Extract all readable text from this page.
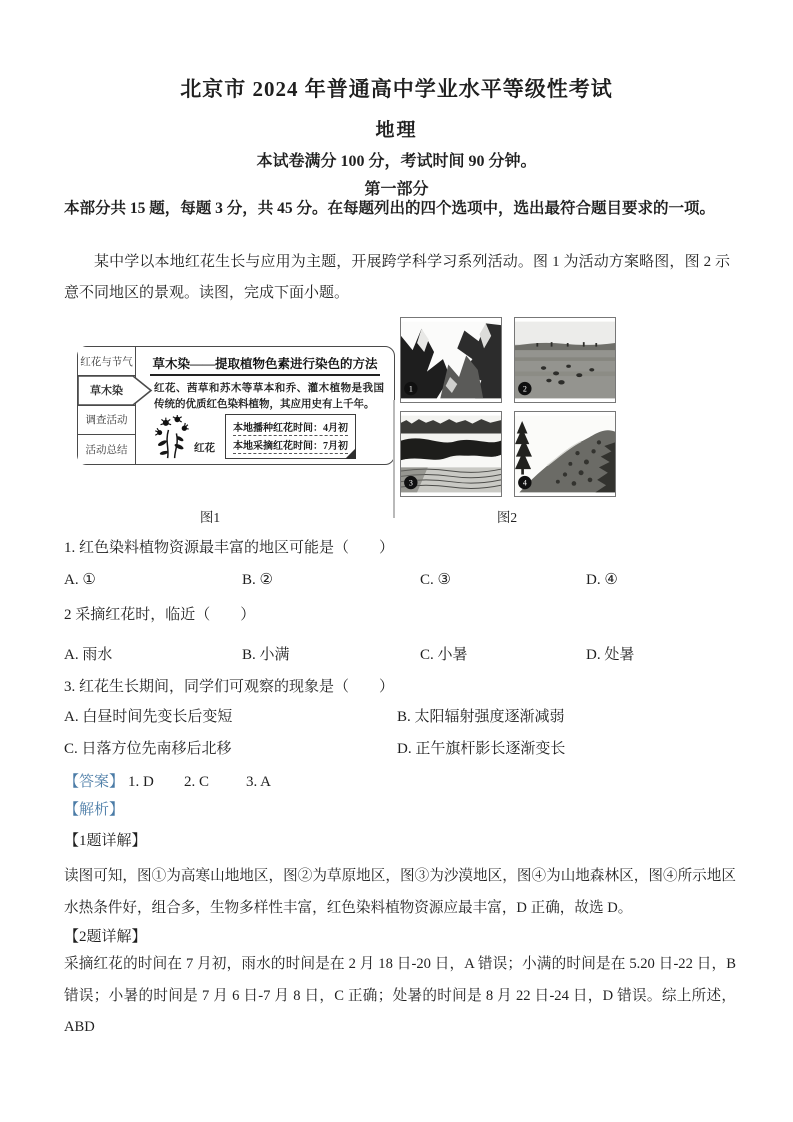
北京市 2024 年普通高中学业水平等级性考试
地理
本试卷满分 100 分，考试时间 90 分钟。
第一部分
本部分共 15 题，每题 3 分，共 45 分。在每题列出的四个选项中，选出最符合题目要求的一项。
某中学以本地红花生长与应用为主题，开展跨学科学习系列活动。图 1 为活动方案略图，图 2 示意不同地区的景观。读图，完成下面小题。
红花与节气
草木染
调查活动
活动总结
草木染——提取植物色素进行染色的方法
红花、茜草和苏木等草本和乔、灌木植物是我国传统的优质红色染料植物，其应用史有上千年。
红花
本地播种红花时间：4月初
本地采摘红花时间：7月初
1	2
3	4
图1	图2
1. 红色染料植物资源最丰富的地区可能是（　　）
A. ①	B. ②	C. ③	D. ④
2 采摘红花时，临近（　　）
A. 雨水	B. 小满	C. 小暑	D. 处暑
3. 红花生长期间，同学们可观察的现象是（　　）
A. 白昼时间先变长后变短	B. 太阳辐射强度逐渐减弱
C. 日落方位先南移后北移	D. 正午旗杆影长逐渐变长
【答案】 1. D 2. C 3. A
【解析】
【1题详解】
读图可知，图①为高寒山地地区，图②为草原地区，图③为沙漠地区，图④为山地森林区，图④所示地区水热条件好，组合多，生物多样性丰富，红色染料植物资源应最丰富，D 正确，故选 D。
【2题详解】
采摘红花的时间在 7 月初，雨水的时间是在 2 月 18 日-20 日，A 错误；小满的时间是在 5.20 日-22 日，B 错误；小暑的时间是 7 月 6 日-7 月 8 日，C 正确；处暑的时间是 8 月 22 日-24 日，D 错误。综上所述，ABD
